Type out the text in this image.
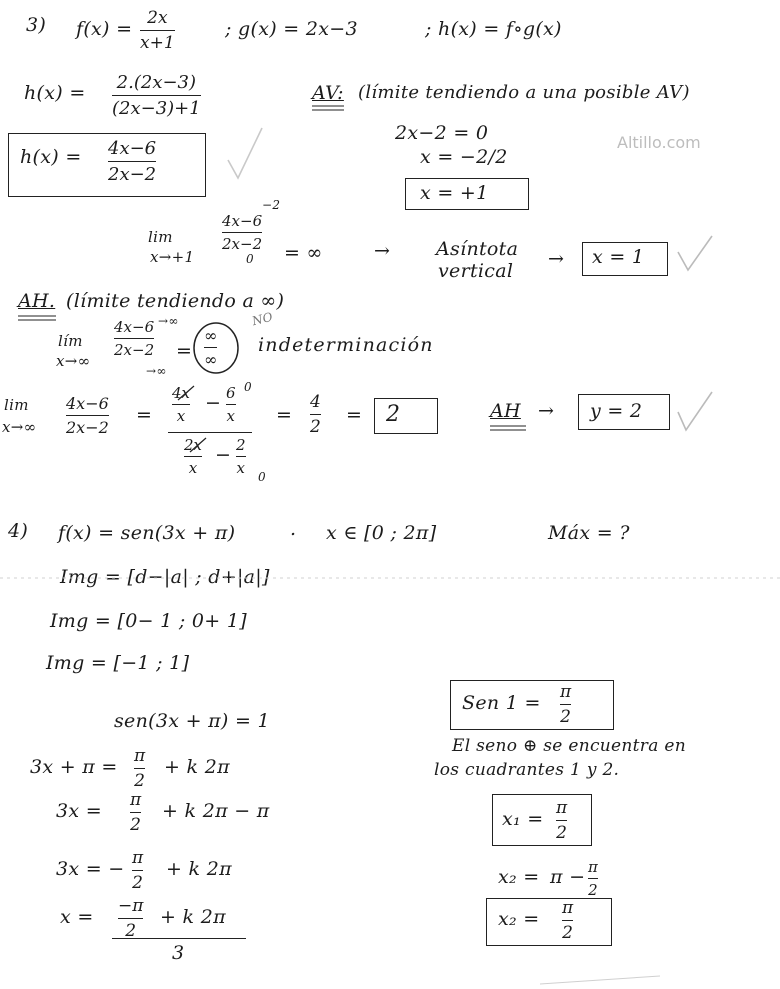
Altillo.com
3) f(x) = 2x
x+1
; g(x) = 2x−3	; h(x) = f∘g(x)
h(x) = 2.(2x−3)
(2x−3)+1
AV: (límite tendiendo a una posible AV)
h(x) = 4x−6
2x−2
2x−2 = 0
x = −2/2
x = +1
lim
x→+1
−2
4x−6
2x−2
0 = ∞	→ Asíntota
vertical
→ x = 1
AH. (límite tendiendo a ∞)
lím
x→∞
4x−6
2x−2
→∞
→∞
=
∞
∞
NO
indeterminación
lim
x→∞
4x−6
2x−2
=
4x
x
− 6
x
0
2x
x
− 2
x 0
=
4
2
= 2	AH → y = 2
4) f(x) = sen(3x + π)	. x ∈ [0 ; 2π]	Máx = ?
Img = [d−|a| ; d+|a|]
Img = [0− 1 ; 0+ 1]
Img = [−1 ; 1]
sen(3x + π) = 1
3x + π = π
2
+ k 2π
3x = π
2
+ k 2π − π
3x = − π
2
+ k 2π
x = −π
2
+ k 2π
3
Sen 1 = π
2
El seno ⊕ se encuentra en
los cuadrantes 1 y 2.
x₁ = π
2
x₂ = π − π
2
x₂ = π
2
